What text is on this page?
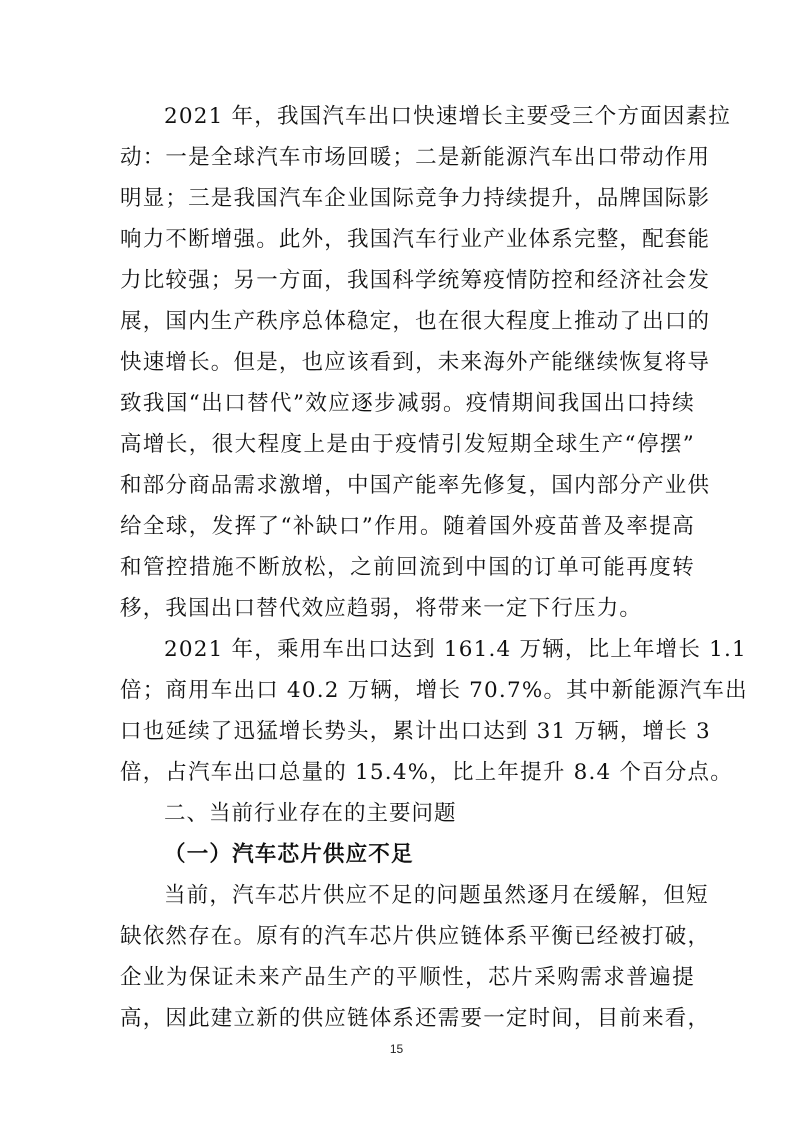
2021 年，我国汽车出口快速增长主要受三个方面因素拉
动：一是全球汽车市场回暖；二是新能源汽车出口带动作用
明显；三是我国汽车企业国际竞争力持续提升，品牌国际影
响力不断增强。此外，我国汽车行业产业体系完整，配套能
力比较强；另一方面，我国科学统筹疫情防控和经济社会发
展，国内生产秩序总体稳定，也在很大程度上推动了出口的
快速增长。但是，也应该看到，未来海外产能继续恢复将导
致我国“出口替代”效应逐步减弱。疫情期间我国出口持续
高增长，很大程度上是由于疫情引发短期全球生产“停摆”
和部分商品需求激增，中国产能率先修复，国内部分产业供
给全球，发挥了“补缺口”作用。随着国外疫苗普及率提高
和管控措施不断放松，之前回流到中国的订单可能再度转
移，我国出口替代效应趋弱，将带来一定下行压力。
2021 年，乘用车出口达到 161.4 万辆，比上年增长 1.1
倍；商用车出口 40.2 万辆，增长 70.7%。其中新能源汽车出
口也延续了迅猛增长势头，累计出口达到 31 万辆，增长 3
倍，占汽车出口总量的 15.4%，比上年提升 8.4 个百分点。
二、当前行业存在的主要问题
（一）汽车芯片供应不足
当前，汽车芯片供应不足的问题虽然逐月在缓解，但短
缺依然存在。原有的汽车芯片供应链体系平衡已经被打破，
企业为保证未来产品生产的平顺性，芯片采购需求普遍提
高，因此建立新的供应链体系还需要一定时间，目前来看，
15
